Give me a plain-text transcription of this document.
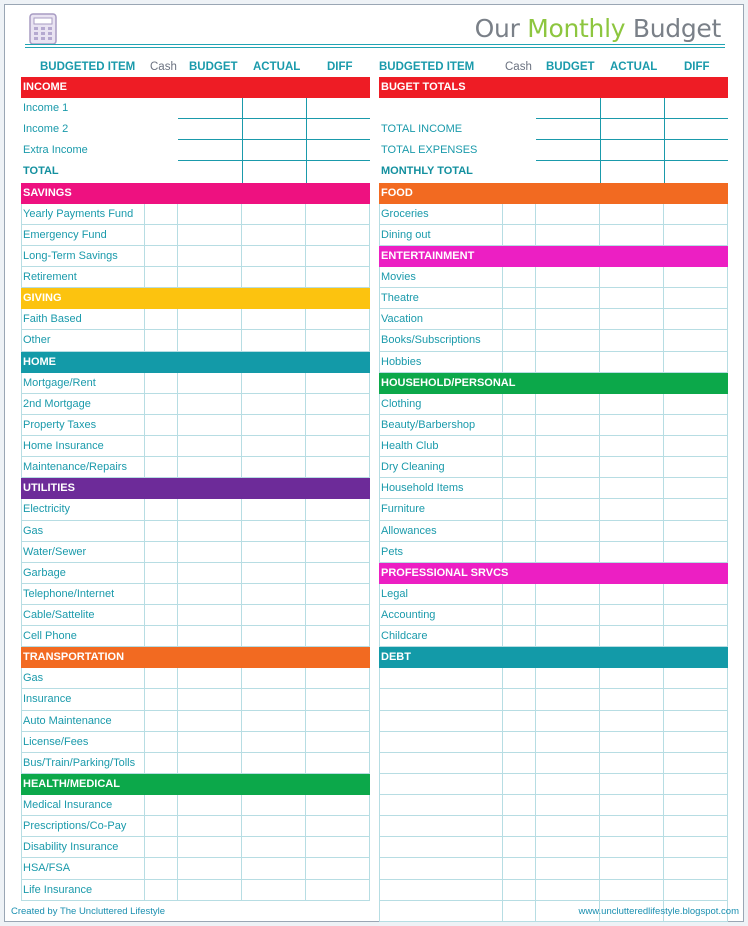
Our Monthly Budget
BUDGETED ITEM Cash BUDGET ACTUAL DIFF BUDGETED ITEM	Cash BUDGET ACTUAL DIFF
INCOME
Income 1
Income 2
Extra Income
TOTAL
SAVINGS
Yearly Payments Fund
Emergency Fund
Long-Term Savings
Retirement
GIVING
Faith Based
Other
HOME
Mortgage/Rent
2nd Mortgage
Property Taxes
Home Insurance
Maintenance/Repairs
UTILITIES
Electricity
Gas
Water/Sewer
Garbage
Telephone/Internet
Cable/Sattelite
Cell Phone
TRANSPORTATION
Gas
Insurance
Auto Maintenance
License/Fees
Bus/Train/Parking/Tolls
HEALTH/MEDICAL
Medical Insurance
Prescriptions/Co-Pay
Disability Insurance
HSA/FSA
Life Insurance
BUGET TOTALS
TOTAL INCOME
TOTAL EXPENSES
MONTHLY TOTAL
FOOD
Groceries
Dining out
ENTERTAINMENT
Movies
Theatre
Vacation
Books/Subscriptions
Hobbies
HOUSEHOLD/PERSONAL
Clothing
Beauty/Barbershop
Health Club
Dry Cleaning
Household Items
Furniture
Allowances
Pets
PROFESSIONAL SRVCS
Legal
Accounting
Childcare
DEBT
Created by The Uncluttered Lifestyle	www.unclutteredlifestyle.blogspot.com
